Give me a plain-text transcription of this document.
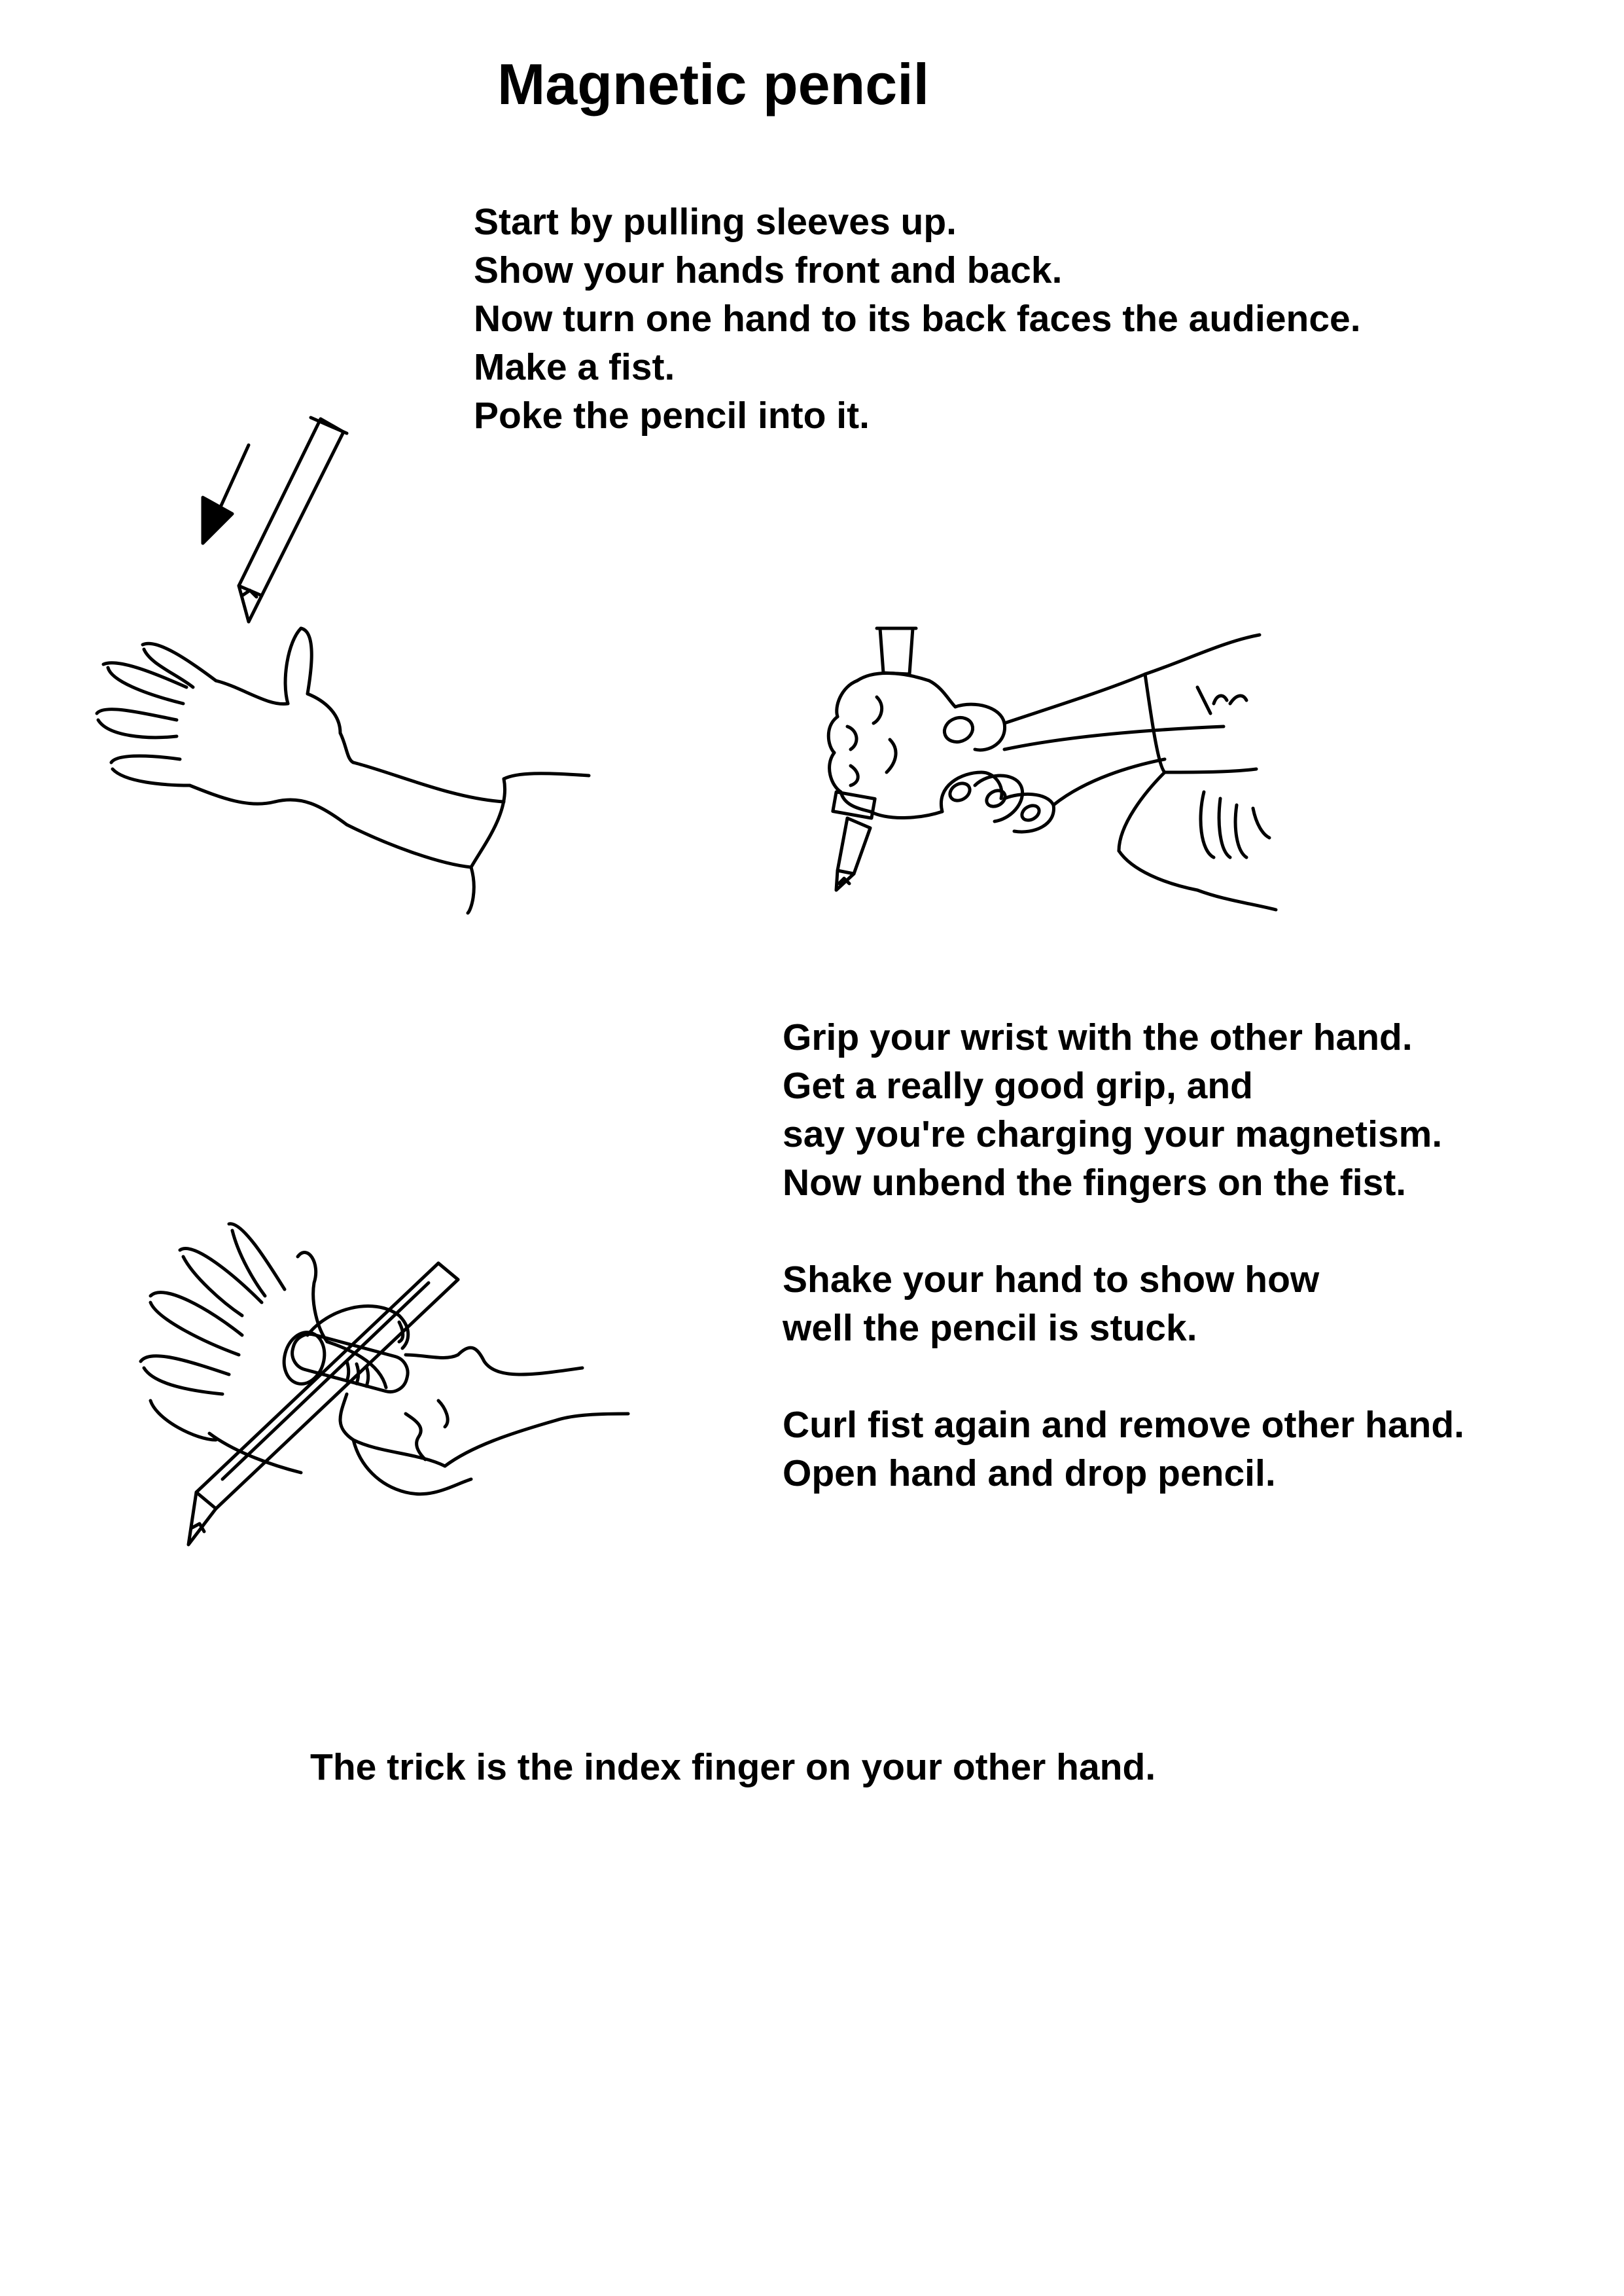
Magnetic pencil
Start by pulling sleeves up.
Show your hands front and back.
Now turn one hand to its back faces the audience.
Make a fist.
Poke the pencil into it.
Grip your wrist with the other hand.
Get a really good grip, and
say you're charging your magnetism.
Now unbend the fingers on the fist.
Shake your hand to show how
well the pencil is stuck.
Curl fist again and remove other hand.
Open hand and drop pencil.
The trick is the index finger on your other hand.
